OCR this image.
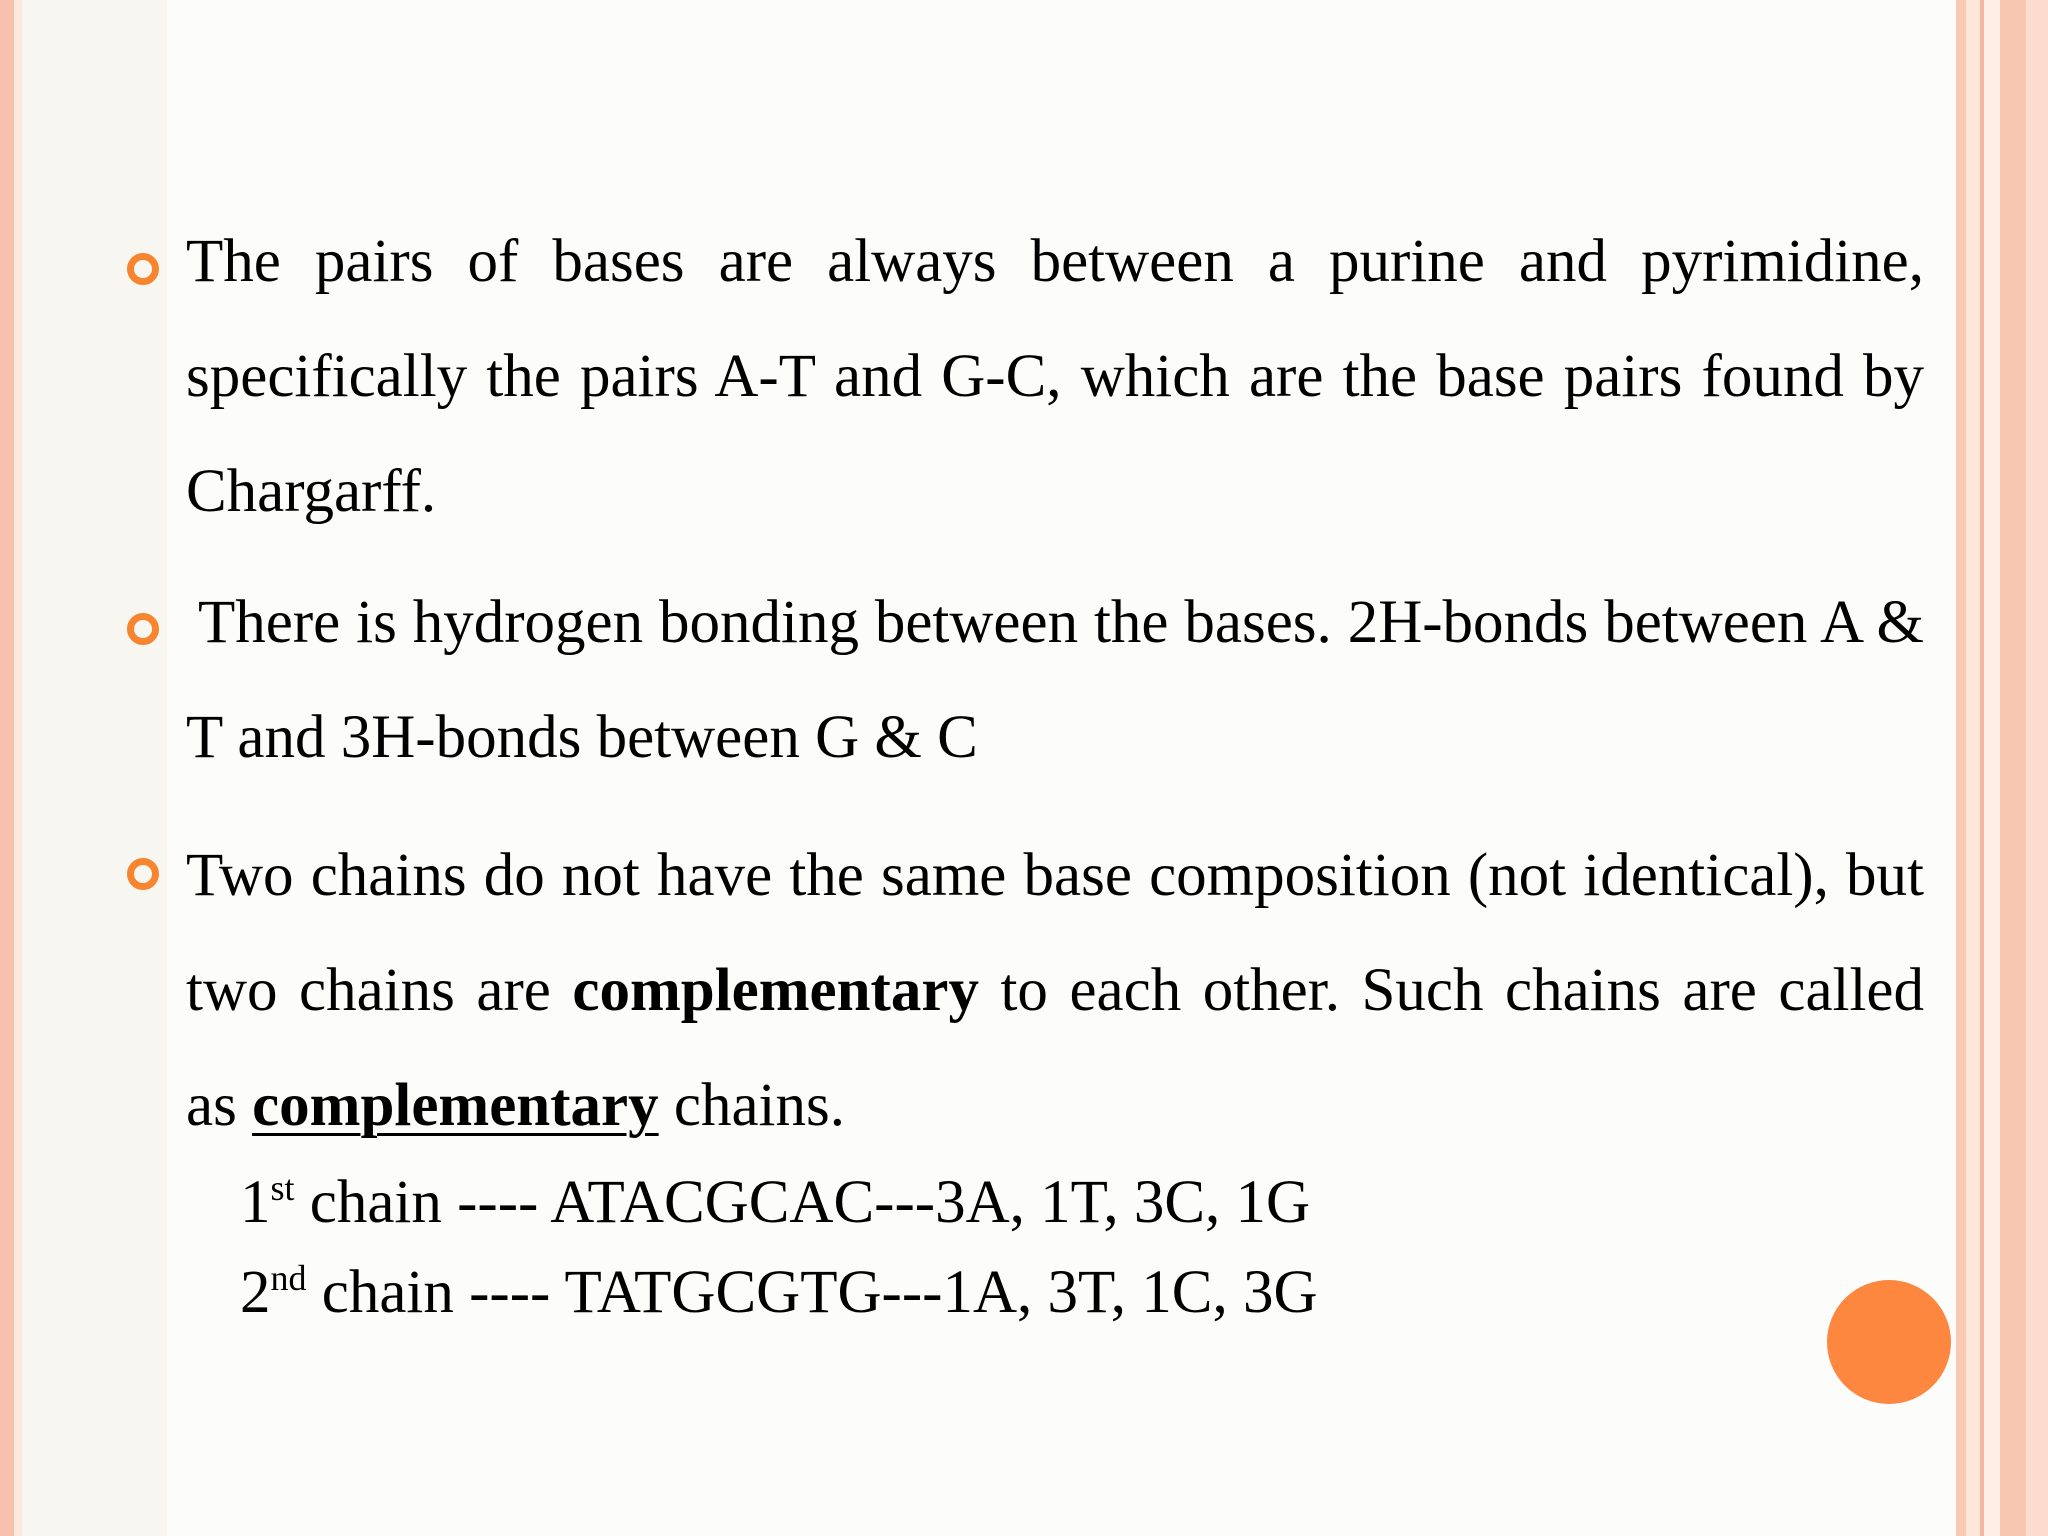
The pairs of bases are always between a purine and pyrimidine, specifically the pairs A-T and G-C, which are the base pairs found by Chargarff.
There is hydrogen bonding between the bases. 2H-bonds between A & T and 3H-bonds between G & C
Two chains do not have the same base composition (not identical), but two chains are complementary to each other. Such chains are called as complementary chains.
1st chain ---- ATACGCAC---3A, 1T, 3C, 1G
2nd chain ---- TATGCGTG---1A, 3T, 1C, 3G
